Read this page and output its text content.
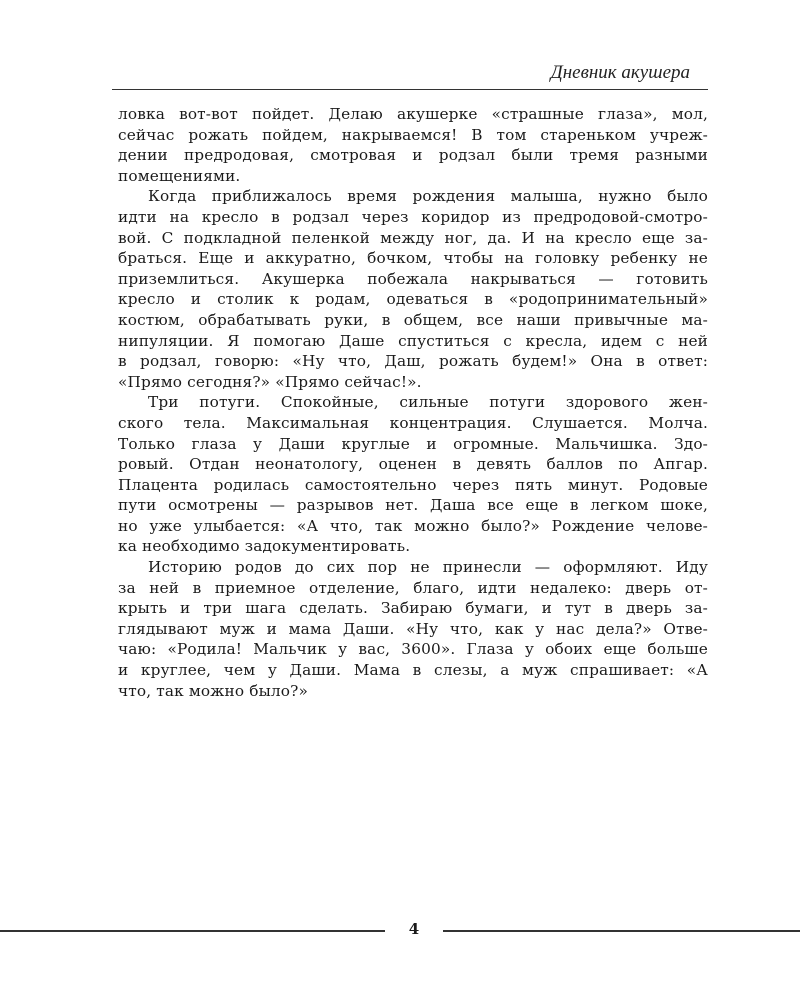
Дневник акушера
ловка вот-вот пойдет. Делаю акушерке «страшные глаза», мол,
сейчас рожать пойдем, накрываемся! В том старeньком учреж-
дении предродовая, смотровая и родзал были тремя разными
помещениями.
Когда приближалось время рождения малыша, нужно было
идти на кресло в родзал через коридор из предродовой-смотро-
вой. С подкладной пеленкой между ног, да. И на кресло еще за-
браться. Еще и аккуратно, бочком, чтобы на головку ребенку не
приземлиться. Акушерка побежала накрываться — готовить
кресло и столик к родам, одеваться в «родопринимательный»
костюм, обрабатывать руки, в общем, все наши привычные ма-
нипуляции. Я помогаю Даше спуститься с кресла, идем с ней
в родзал, говорю: «Ну что, Даш, рожать будем!» Она в ответ:
«Прямо сегодня?» «Прямо сейчас!».
Три потуги. Спокойные, сильные потуги здорового жен-
ского тела. Максимальная концентрация. Слушается. Молча.
Только глаза у Даши круглые и огромные. Мальчишка. Здо-
ровый. Отдан неонатологу, оценен в девять баллов по Апгар.
Плацента родилась самостоятельно через пять минут. Родовые
пути осмотрены — разрывов нет. Даша все еще в легком шоке,
но уже улыбается: «А что, так можно было?» Рождение челове-
ка необходимо задокументировать.
Историю родов до сих пор не принесли — оформляют. Иду
за ней в приемное отделение, благо, идти недалеко: дверь от-
крыть и три шага сделать. Забираю бумаги, и тут в дверь за-
глядывают муж и мама Даши. «Ну что, как у нас дела?» Отве-
чаю: «Родила! Мальчик у вас, 3600». Глаза у обоих еще больше
и круглее, чем у Даши. Мама в слезы, а муж спрашивает: «А
что, так можно было?»
4
